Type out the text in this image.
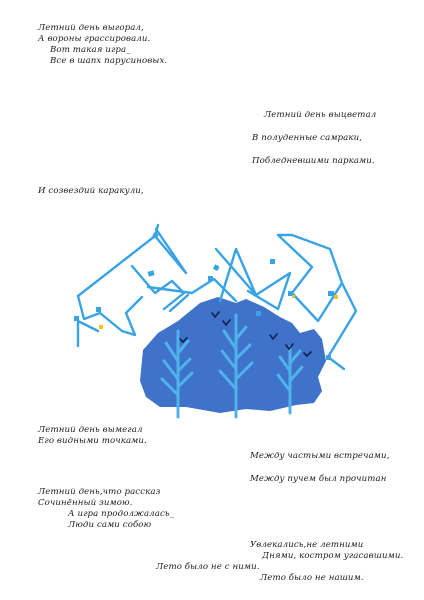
Летний день выгорал,
А вороны грассировали.
Вот такая игра_
Все в шапх парусиновых.
Летний день выцветал
В полуденные самраки,
Побледневшими парками.
И созвездий каракули,
Летний день вымегал
Его видными точками.
Между частыми встречами,
Между пучем был прочитан
Летний день,что рассказ
Сочинённый зимою.
А игра продолжалась_
Люди сами собою
Увлекались,не летними
Днями, костром угасавшими.
Лето было не с ними.
Лето было не нашим.
